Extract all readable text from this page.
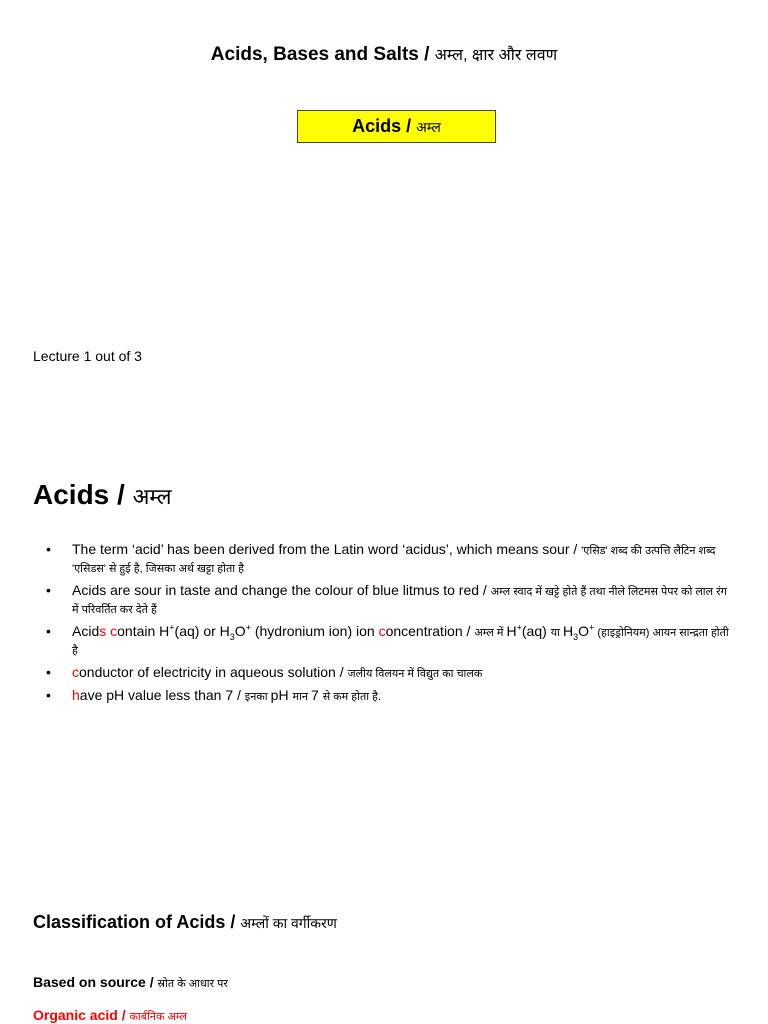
Acids, Bases and Salts / अम्ल, क्षार और लवण
Acids / अम्ल
Lecture 1 out of 3
Acids / अम्ल
• The term ‘acid’ has been derived from the Latin word ‘acidus’, which means sour / 'एसिड' शब्द की उत्पत्ति लैटिन शब्द 'एसिडस' से हुई है, जिसका अर्थ खट्टा होता है
• Acids are sour in taste and change the colour of blue litmus to red / अम्ल स्वाद में खट्टे होते हैं तथा नीले लिटमस पेपर को लाल रंग में परिवर्तित कर देते हैं
• Acids contain H+(aq) or $H_3O^+$ (hydronium ion) ion concentration / अम्ल में H+(aq) या $H_3O^+$ (हाइड्रोनियम) आयन सान्द्रता होती है
• conductor of electricity in aqueous solution / जलीय विलयन में विद्युत का चालक
• have pH value less than 7 / इनका pH मान 7 से कम होता है.
Classification of Acids / अम्लों का वर्गीकरण
Based on source / स्रोत के आधार पर
Organic acid / कार्बनिक अम्ल
